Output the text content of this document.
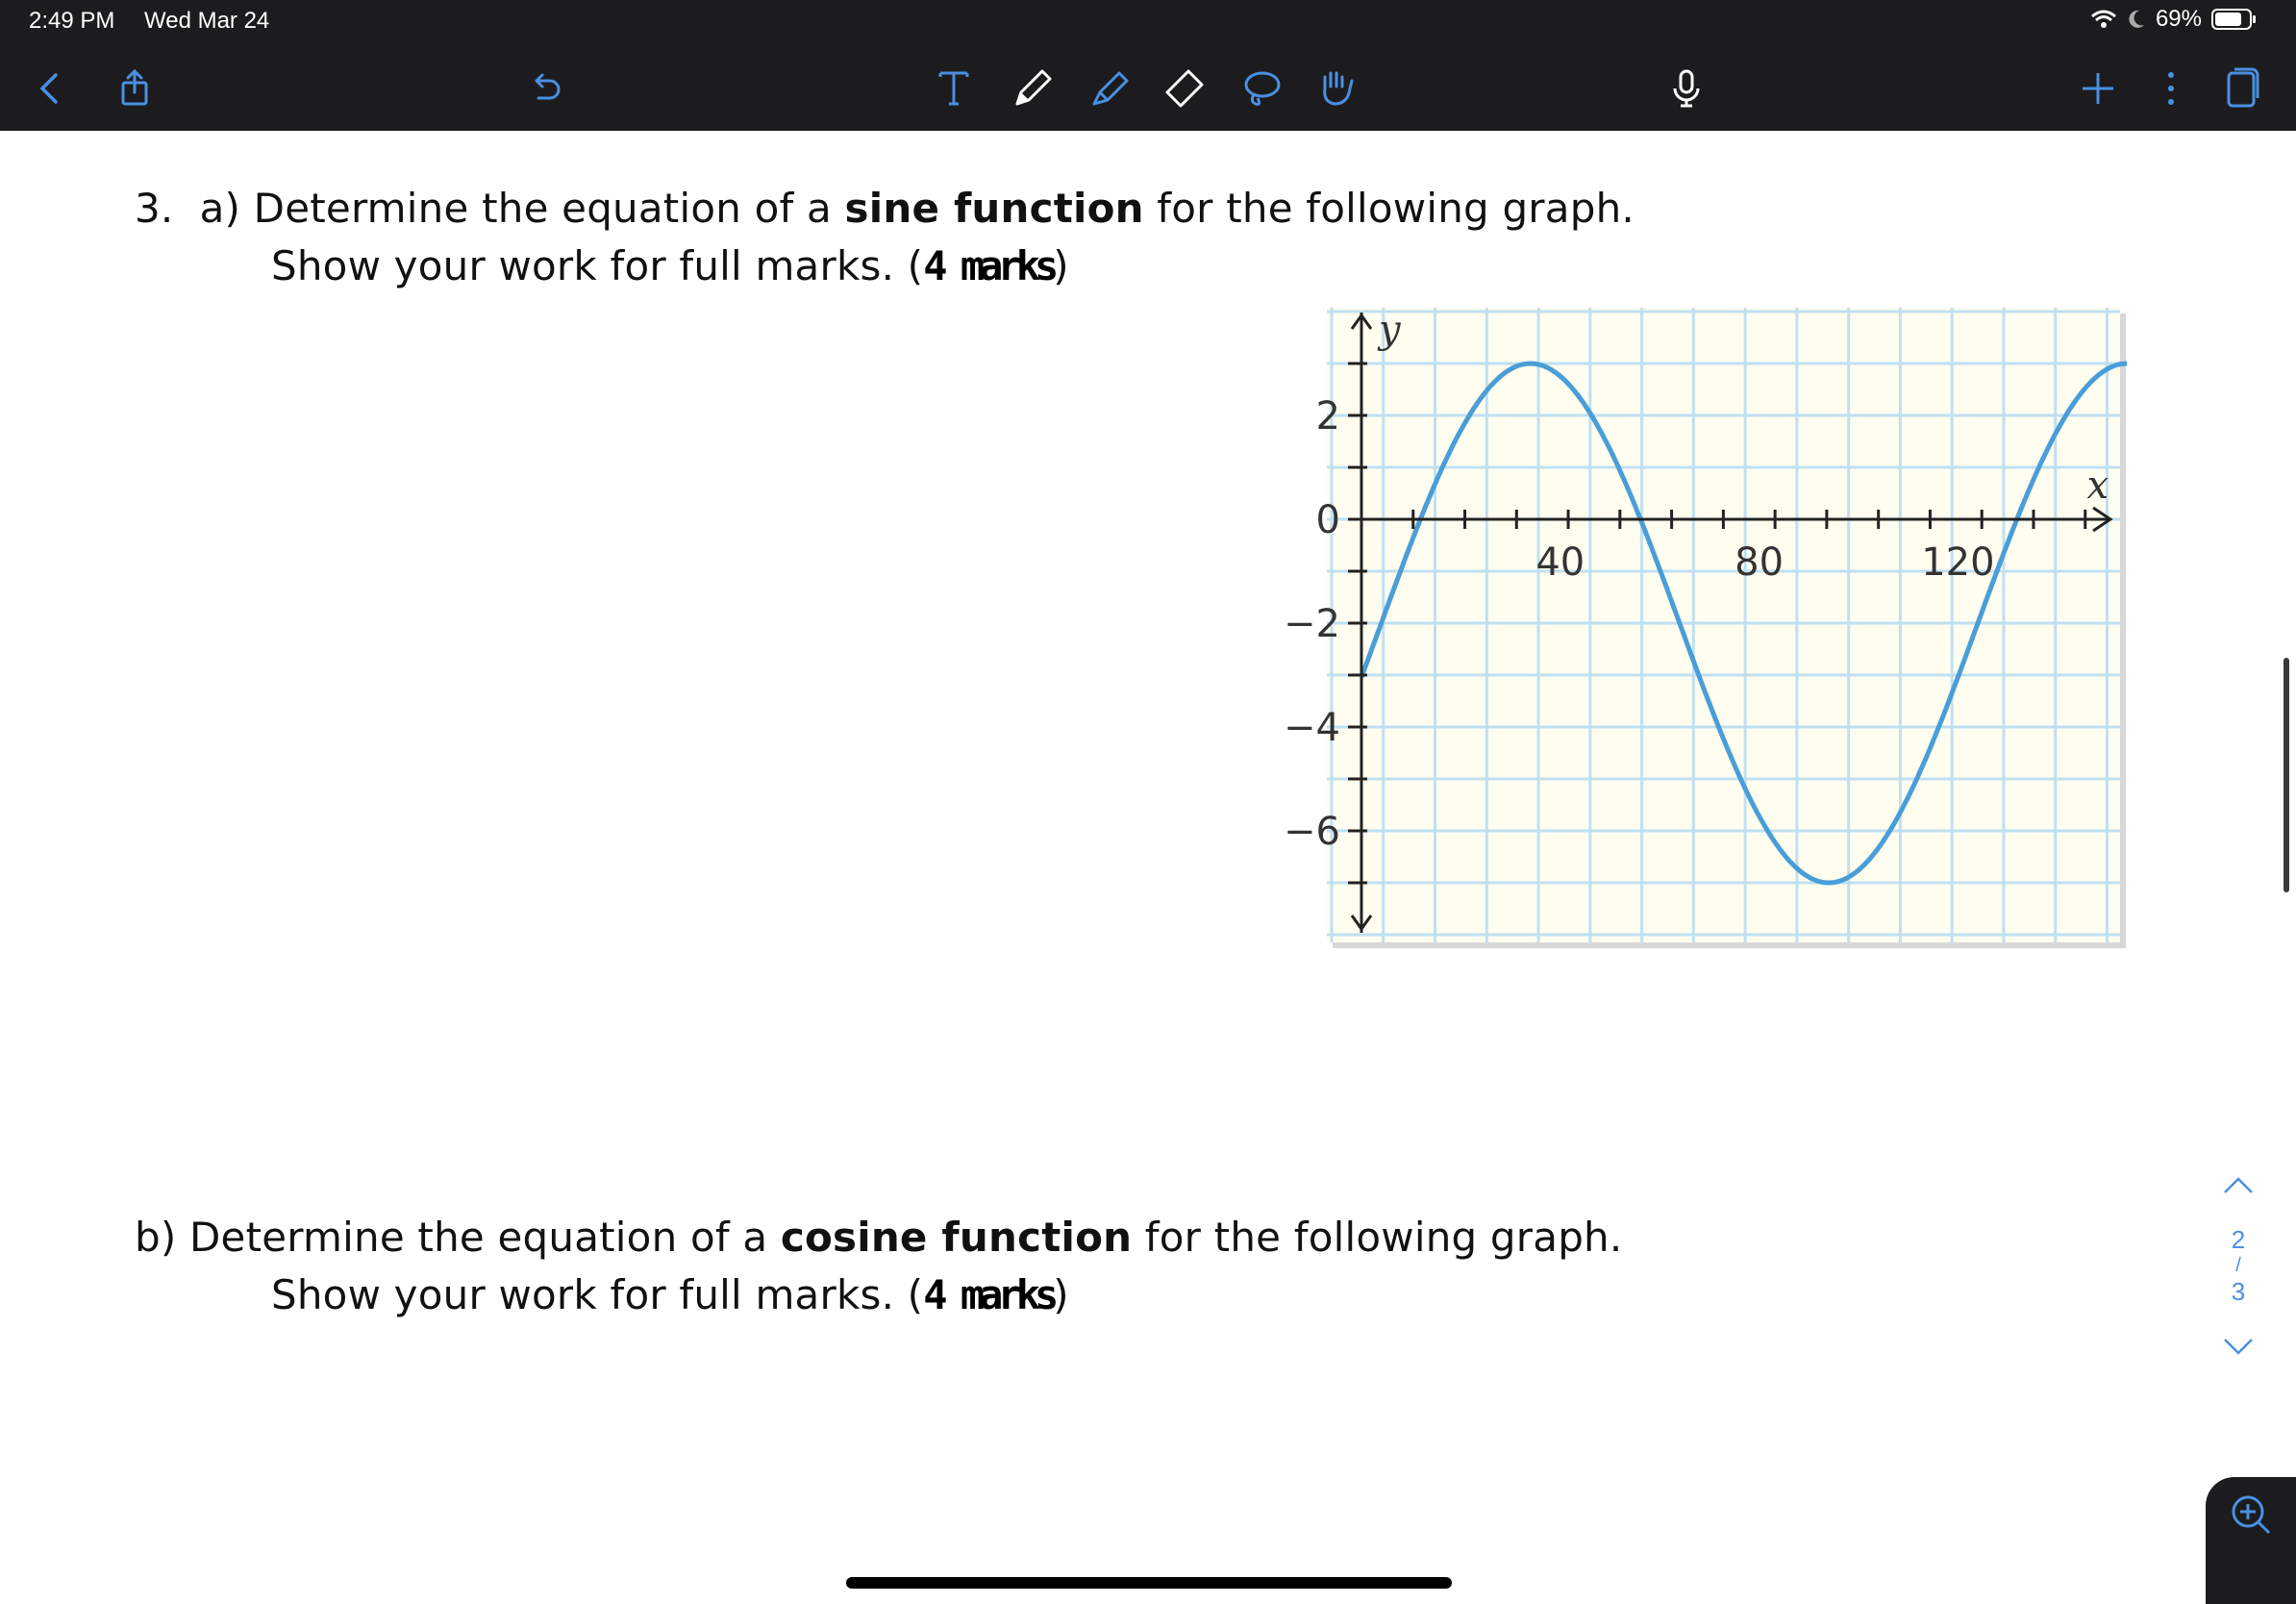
2:49 PM Wed Mar 24	69%
3. a) Determine the equation of a sine function for the following graph.
Show your work for full marks. (4 marks)
40	80	120
2
0
−2
−4
−6
x
y
b) Determine the equation of a cosine function for the following graph.
Show your work for full marks. (4 marks)
2
/
3
